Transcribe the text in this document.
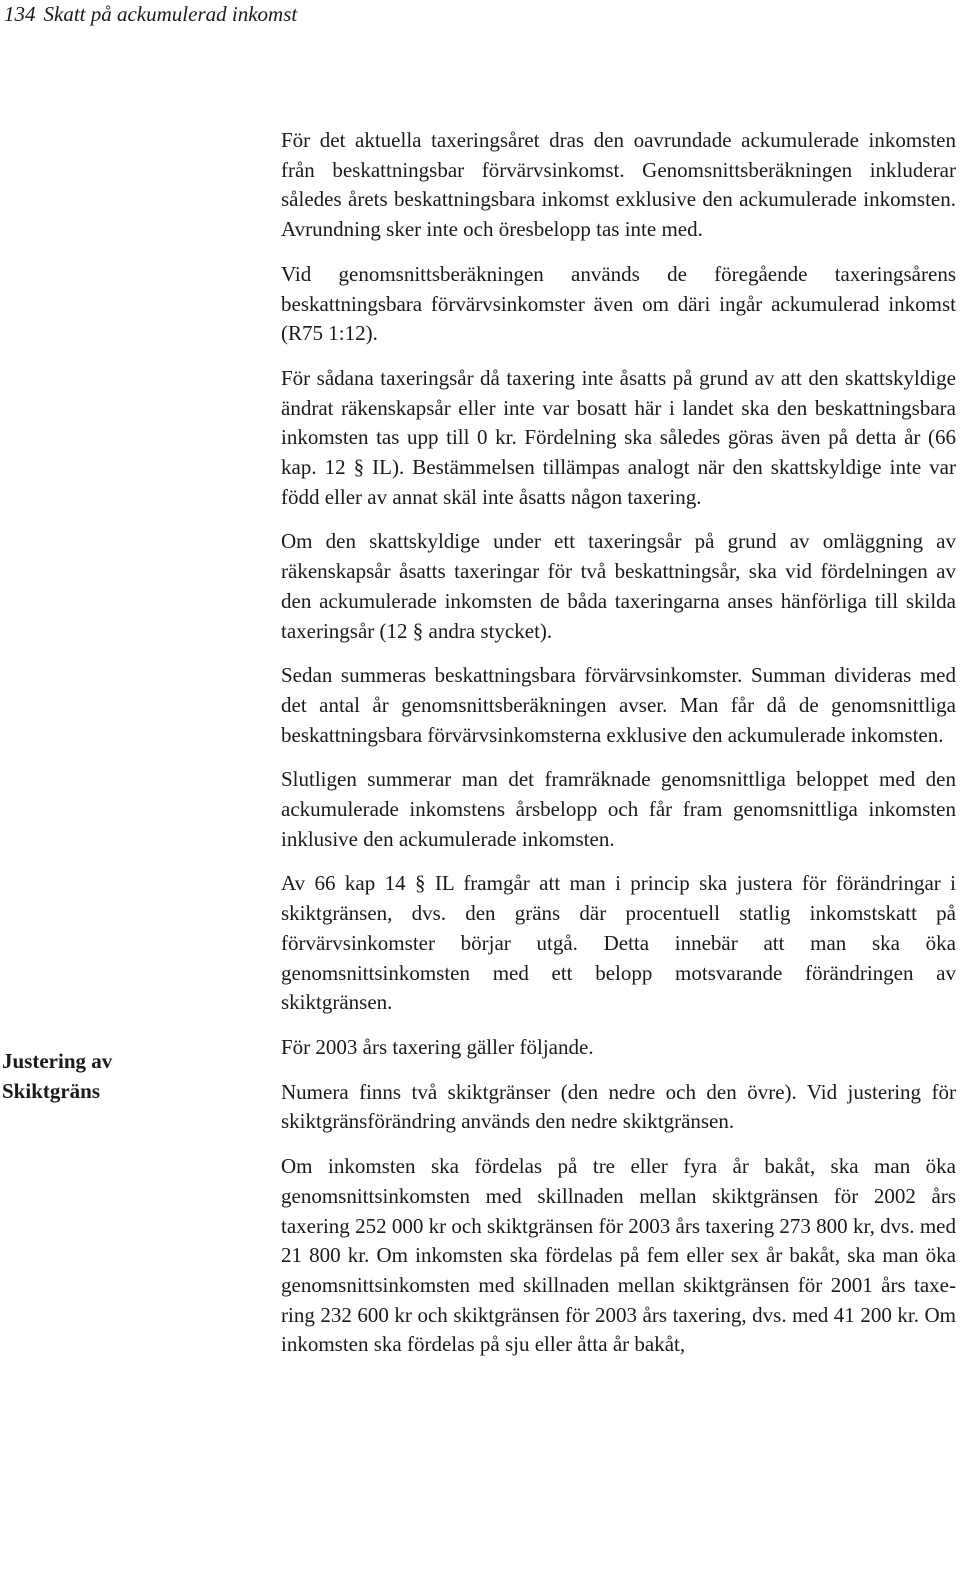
134 Skatt på ackumulerad inkomst
Justering av
Skiktgräns

För det aktuella taxeringsåret dras den oavrundade ackumulerade inkomsten från beskattningsbar förvärvsinkomst. Genomsnittsberäkningen inkluderar således årets beskattningsbara inkomst exklusive den ackumulerade inkomsten. Avrundning sker inte och öresbelopp tas inte med.

Vid genomsnittsberäkningen används de föregående taxeringsårens beskattningsbara förvärvsinkomster även om däri ingår ackumulerad inkomst (R75 1:12).

För sådana taxeringsår då taxering inte åsatts på grund av att den skattskyldige ändrat räkenskapsår eller inte var bosatt här i landet ska den beskattningsbara inkomsten tas upp till 0 kr. Fördelning ska således göras även på detta år (66 kap. 12 § IL). Bestämmelsen tillämpas analogt när den skattskyldige inte var född eller av annat skäl inte åsatts någon taxering.

Om den skattskyldige under ett taxeringsår på grund av omläggning av räkenskapsår åsatts taxeringar för två beskattningsår, ska vid fördelningen av den ackumulerade inkomsten de båda taxeringarna anses hänförliga till skilda taxeringsår (12 § andra stycket).

Sedan summeras beskattningsbara förvärvsinkomster. Summan divideras med det antal år genomsnittsberäkningen avser. Man får då de genomsnittliga beskattningsbara förvärvsinkomsterna exklusive den ackumulerade inkomsten.

Slutligen summerar man det framräknade genomsnittliga beloppet med den ackumulerade inkomstens årsbelopp och får fram genomsnittliga inkomsten inklusive den ackumulerade inkomsten.

Av 66 kap 14 § IL framgår att man i princip ska justera för förändringar i skiktgränsen, dvs. den gräns där procentuell statlig inkomstskatt på förvärvsinkomster börjar utgå. Detta innebär att man ska öka genomsnittsinkomsten med ett belopp motsvarande förändringen av skiktgränsen.

För 2003 års taxering gäller följande.

Numera finns två skiktgränser (den nedre och den övre). Vid justering för skiktgränsförändring används den nedre skiktgränsen.

Om inkomsten ska fördelas på tre eller fyra år bakåt, ska man öka genomsnittsinkomsten med skillnaden mellan skiktgränsen för 2002 års taxering 252 000 kr och skiktgränsen för 2003 års taxering 273 800 kr, dvs. med 21 800 kr. Om inkomsten ska fördelas på fem eller sex år bakåt, ska man öka genomsnittsinkomsten med skillnaden mellan skiktgränsen för 2001 års taxering 232 600 kr och skiktgränsen för 2003 års taxering, dvs. med 41 200 kr. Om inkomsten ska fördelas på sju eller åtta år bakåt,
